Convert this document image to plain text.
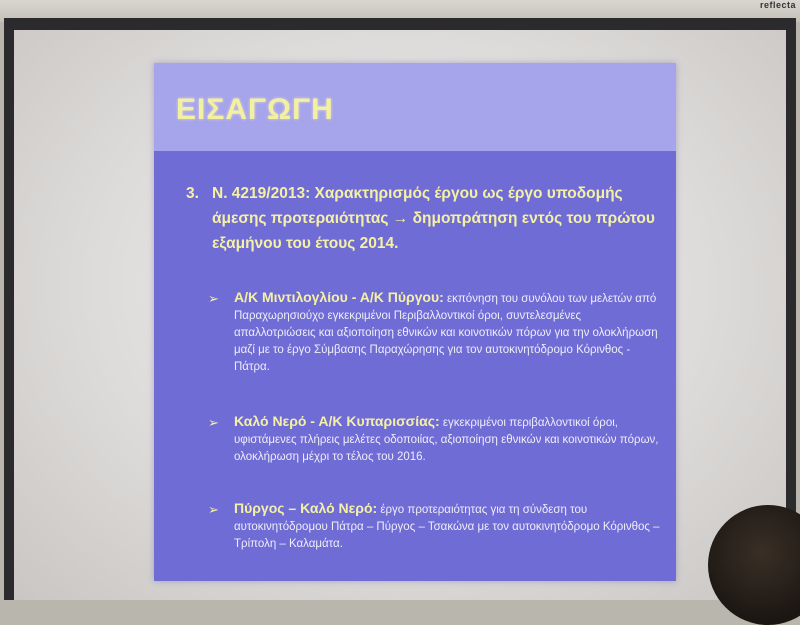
reflecta
ΕΙΣΑΓΩΓΗ
3. Ν. 4219/2013: Χαρακτηρισμός έργου ως έργο υποδομής άμεσης προτεραιότητας → δημοπράτηση εντός του πρώτου εξαμήνου του έτους 2014.
➢	Α/Κ Μιντιλογλίου - Α/Κ Πύργου: εκπόνηση του συνόλου των μελετών από Παραχωρησιούχο εγκεκριμένοι Περιβαλλοντικοί όροι, συντελεσμένες απαλλοτριώσεις και αξιοποίηση εθνικών και κοινοτικών πόρων για την ολοκλήρωση μαζί με το έργο Σύμβασης Παραχώρησης για τον αυτοκινητόδρομο Κόρινθος - Πάτρα.
➢	Καλό Νερό - Α/Κ Κυπαρισσίας: εγκεκριμένοι περιβαλλοντικοί όροι, υφιστάμενες πλήρεις μελέτες οδοποιίας, αξιοποίηση εθνικών και κοινοτικών πόρων, ολοκλήρωση μέχρι το τέλος του 2016.
➢	Πύργος – Καλό Νερό: έργο προτεραιότητας για τη σύνδεση του αυτοκινητόδρομου Πάτρα – Πύργος – Τσακώνα με τον αυτοκινητόδρομο Κόρινθος – Τρίπολη – Καλαμάτα.
